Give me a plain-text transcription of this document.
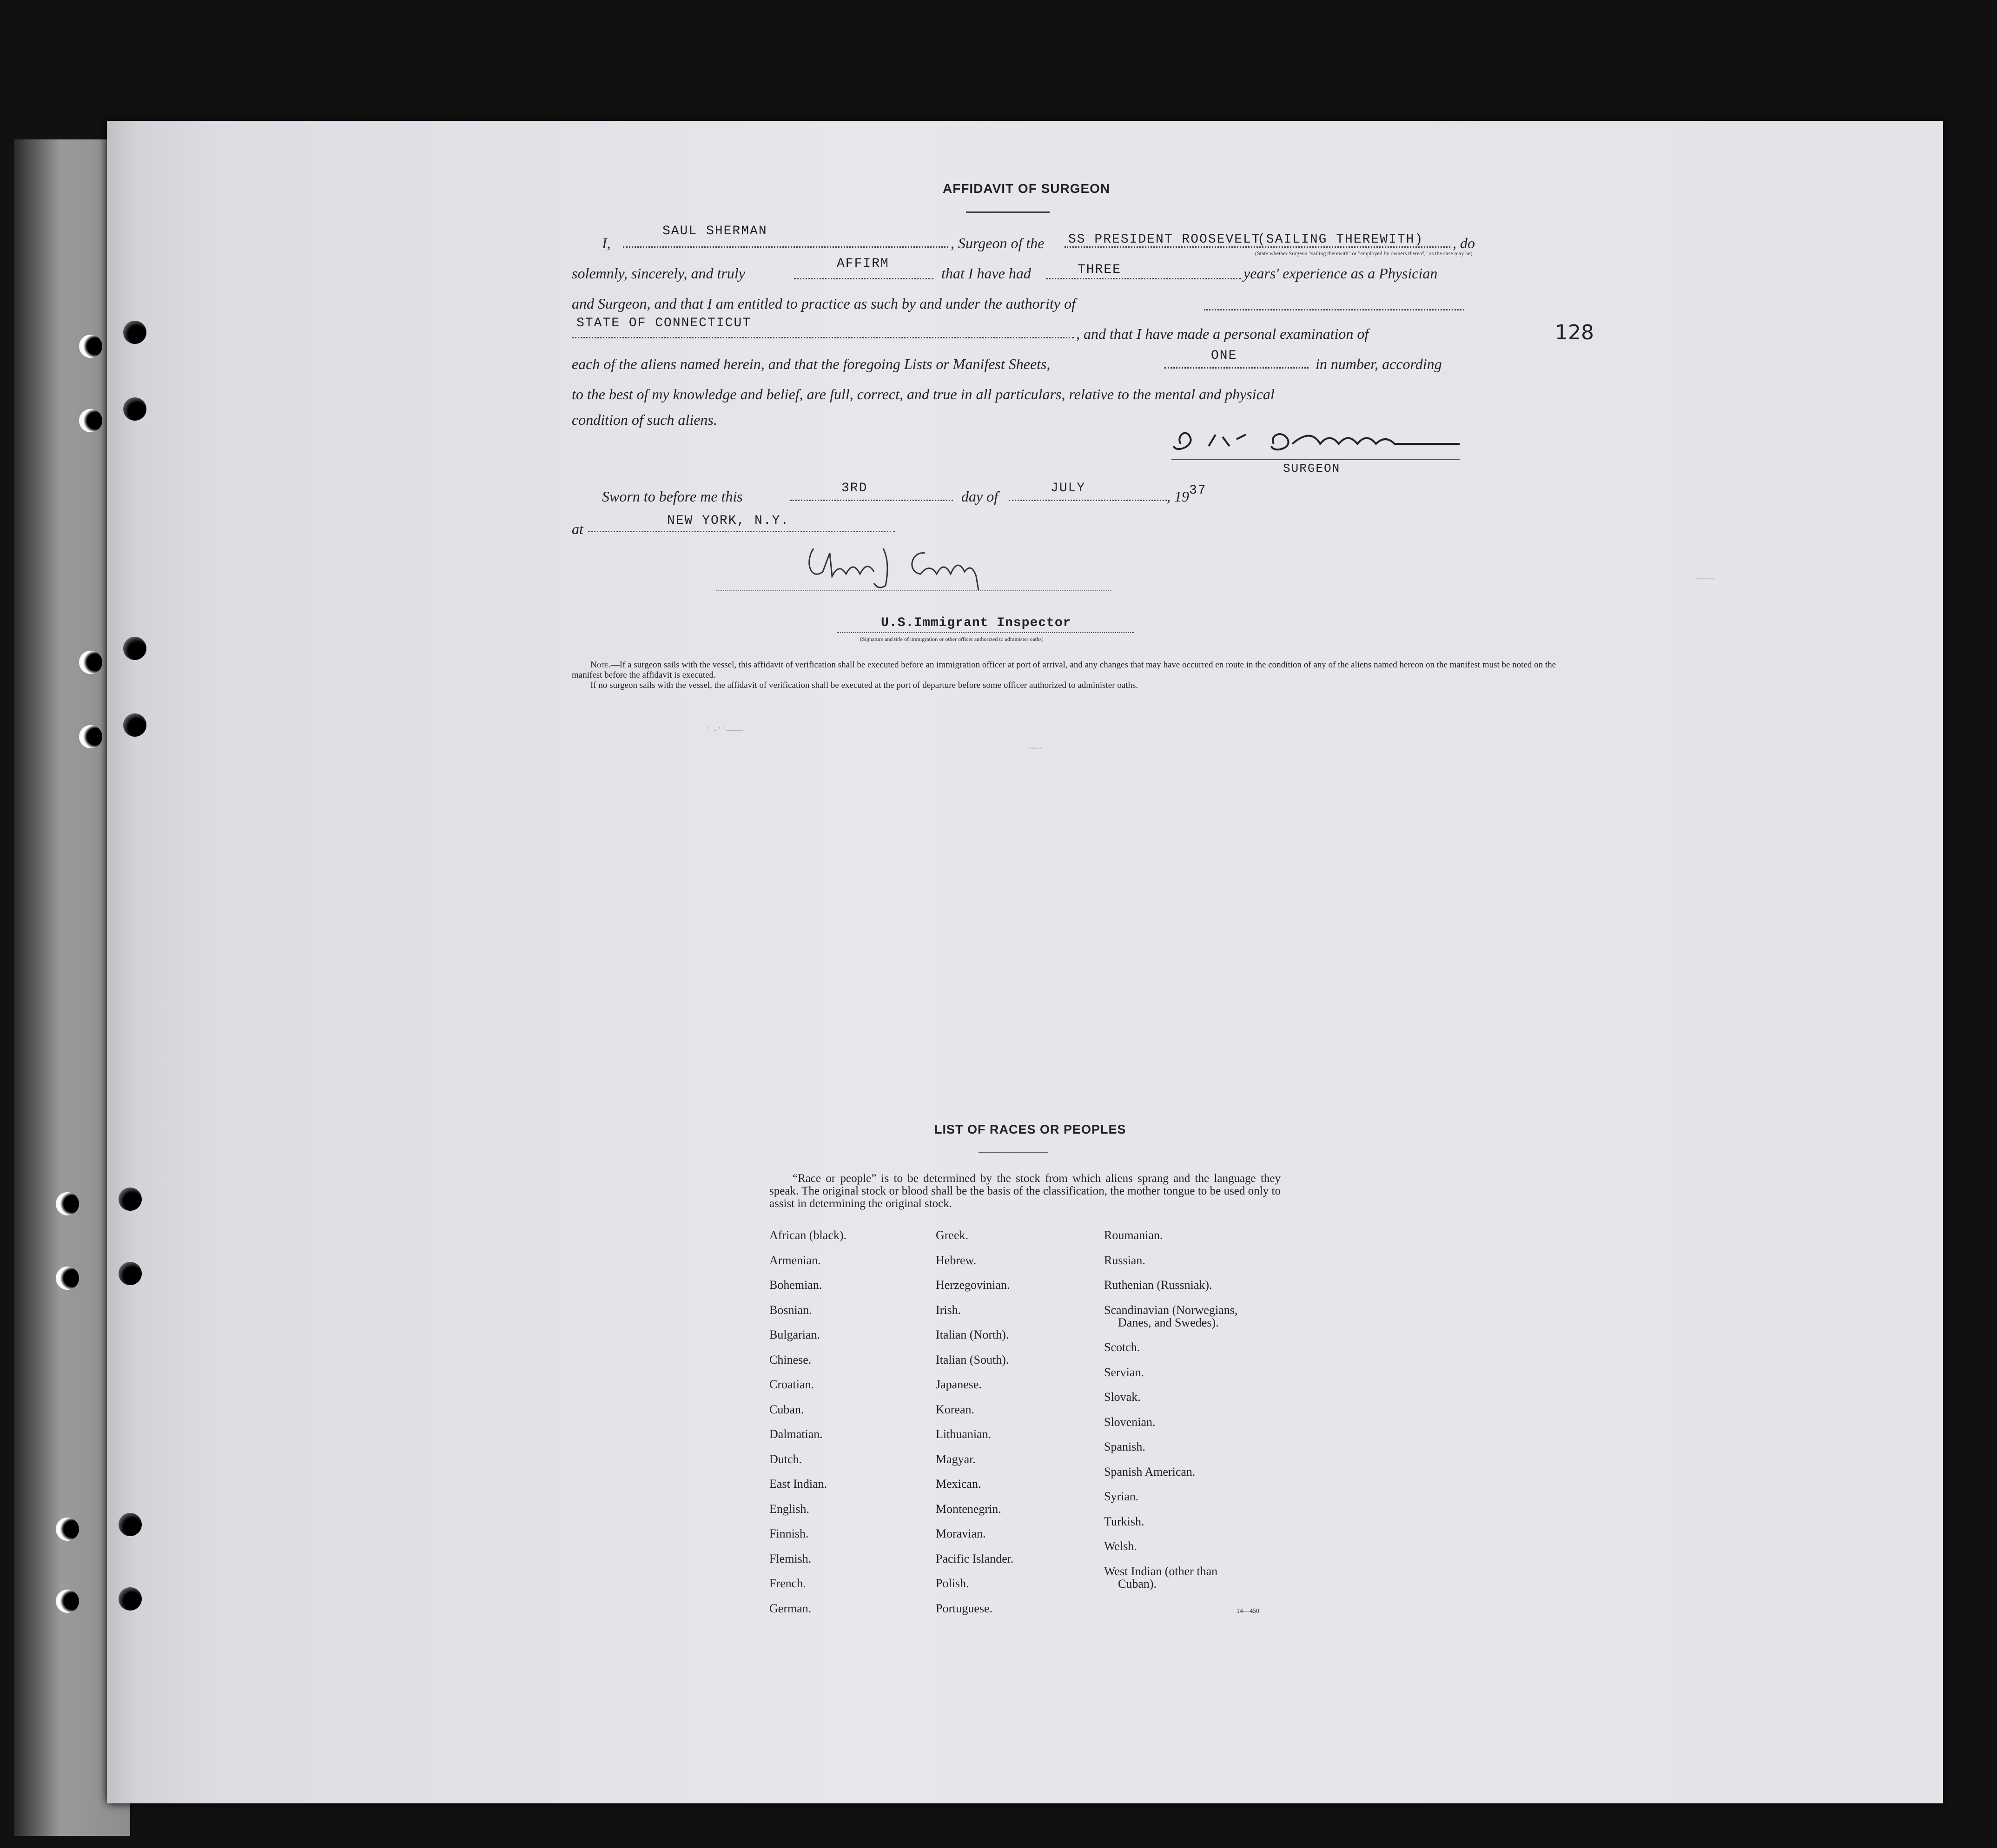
AFFIDAVIT OF SURGEON
I,
SAUL SHERMAN
, Surgeon of the SS PRESIDENT ROOSEVELT
(SAILING THEREWITH)
(State whether Surgeon "sailing therewith" or "employed by owners thereof," as the case may be)
, do
solemnly, sincerely, and truly
AFFIRM
that I have had	THREE	years' experience as a Physician
and Surgeon, and that I am entitled to practice as such by and under the authority of
STATE OF CONNECTICUT
, and that I have made a personal examination of
each of the aliens named herein, and that the foregoing Lists or Manifest Sheets,	ONE	in number, according
to the best of my knowledge and belief, are full, correct, and true in all particulars, relative to the mental and physical
condition of such aliens.
SURGEON
Sworn to before me this	3RD	day of	JULY	, 19 37
at	NEW YORK, N.Y.
U.S.Immigrant Inspector
(Signature and title of immigration or other officer authorized to administer oaths)
Note.—If a surgeon sails with the vessel, this affidavit of verification shall be executed before an immigration officer at port of arrival, and any changes that may have occurred en route in the condition of any of the aliens named hereon on the manifest must be noted on the manifest before the affidavit is executed.
If no surgeon sails with the vessel, the affidavit of verification shall be executed at the port of departure before some officer authorized to administer oaths.
' | - ' ' ——
— ~~~
~~~~
128
LIST OF RACES OR PEOPLES
“Race or people” is to be determined by the stock from which aliens sprang and the language they speak. The original stock or blood shall be the basis of the classification, the mother tongue to be used only to assist in determining the original stock.
African (black).
Armenian.
Bohemian.
Bosnian.
Bulgarian.
Chinese.
Croatian.
Cuban.
Dalmatian.
Dutch.
East Indian.
English.
Finnish.
Flemish.
French.
German.
Greek.
Hebrew.
Herzegovinian.
Irish.
Italian (North).
Italian (South).
Japanese.
Korean.
Lithuanian.
Magyar.
Mexican.
Montenegrin.
Moravian.
Pacific Islander.
Polish.
Portuguese.
Roumanian.
Russian.
Ruthenian (Russniak).
Scandinavian (Norwegians,
Danes, and Swedes).
Scotch.
Servian.
Slovak.
Slovenian.
Spanish.
Spanish American.
Syrian.
Turkish.
Welsh.
West Indian (other than
Cuban).
14—450
